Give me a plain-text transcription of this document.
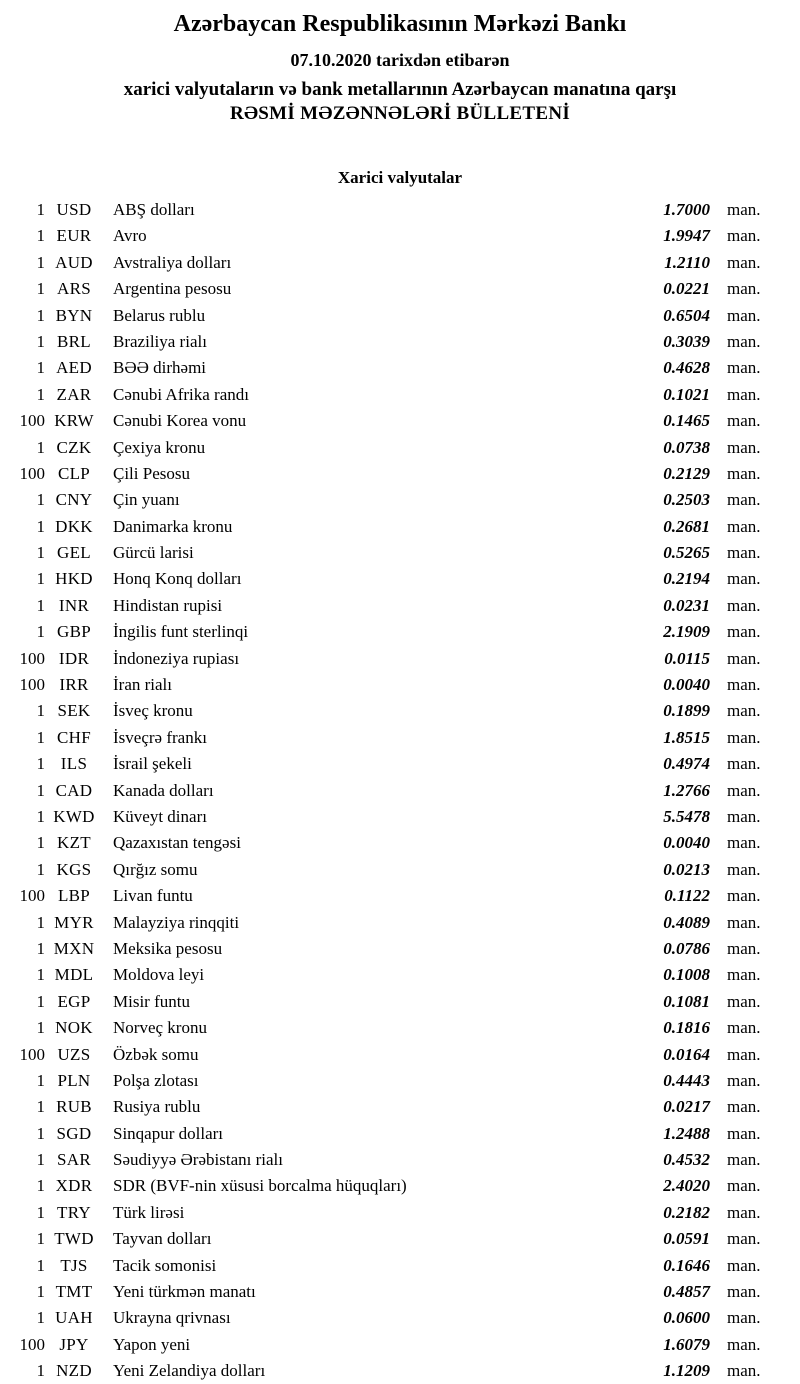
Azərbaycan Respublikasının Mərkəzi Bankı
07.10.2020 tarixdən etibarən
xarici valyutaların və bank metallarının Azərbaycan manatına qarşı
RƏSMİ MƏZƏNNƏLƏRİ BÜLLETENİ
Xarici valyutalar
1 USD	ABŞ dolları	1.7000	man.
1 EUR	Avro	1.9947	man.
1 AUD	Avstraliya dolları	1.2110	man.
1 ARS	Argentina pesosu	0.0221	man.
1 BYN	Belarus rublu	0.6504	man.
1 BRL	Braziliya rialı	0.3039	man.
1 AED	BƏƏ dirhəmi	0.4628	man.
1 ZAR	Cənubi Afrika randı	0.1021	man.
100 KRW	Cənubi Korea vonu	0.1465	man.
1 CZK	Çexiya kronu	0.0738	man.
100 CLP	Çili Pesosu	0.2129	man.
1 CNY	Çin yuanı	0.2503	man.
1 DKK	Danimarka kronu	0.2681	man.
1 GEL	Gürcü larisi	0.5265	man.
1 HKD	Honq Konq dolları	0.2194	man.
1 INR	Hindistan rupisi	0.0231	man.
1 GBP	İngilis funt sterlinqi	2.1909	man.
100 IDR	İndoneziya rupiası	0.0115	man.
100 IRR	İran rialı	0.0040	man.
1 SEK	İsveç kronu	0.1899	man.
1 CHF	İsveçrə frankı	1.8515	man.
1 ILS	İsrail şekeli	0.4974	man.
1 CAD	Kanada dolları	1.2766	man.
1 KWD	Küveyt dinarı	5.5478	man.
1 KZT	Qazaxıstan tengəsi	0.0040	man.
1 KGS	Qırğız somu	0.0213	man.
100 LBP	Livan funtu	0.1122	man.
1 MYR	Malayziya rinqqiti	0.4089	man.
1 MXN	Meksika pesosu	0.0786	man.
1 MDL	Moldova leyi	0.1008	man.
1 EGP	Misir funtu	0.1081	man.
1 NOK	Norveç kronu	0.1816	man.
100 UZS	Özbək somu	0.0164	man.
1 PLN	Polşa zlotası	0.4443	man.
1 RUB	Rusiya rublu	0.0217	man.
1 SGD	Sinqapur dolları	1.2488	man.
1 SAR	Səudiyyə Ərəbistanı rialı	0.4532	man.
1 XDR	SDR (BVF-nin xüsusi borcalma hüquqları)	2.4020	man.
1 TRY	Türk lirəsi	0.2182	man.
1 TWD	Tayvan dolları	0.0591	man.
1 TJS	Tacik somonisi	0.1646	man.
1 TMT	Yeni türkmən manatı	0.4857	man.
1 UAH	Ukrayna qrivnası	0.0600	man.
100 JPY	Yapon yeni	1.6079	man.
1 NZD	Yeni Zelandiya dolları	1.1209	man.
